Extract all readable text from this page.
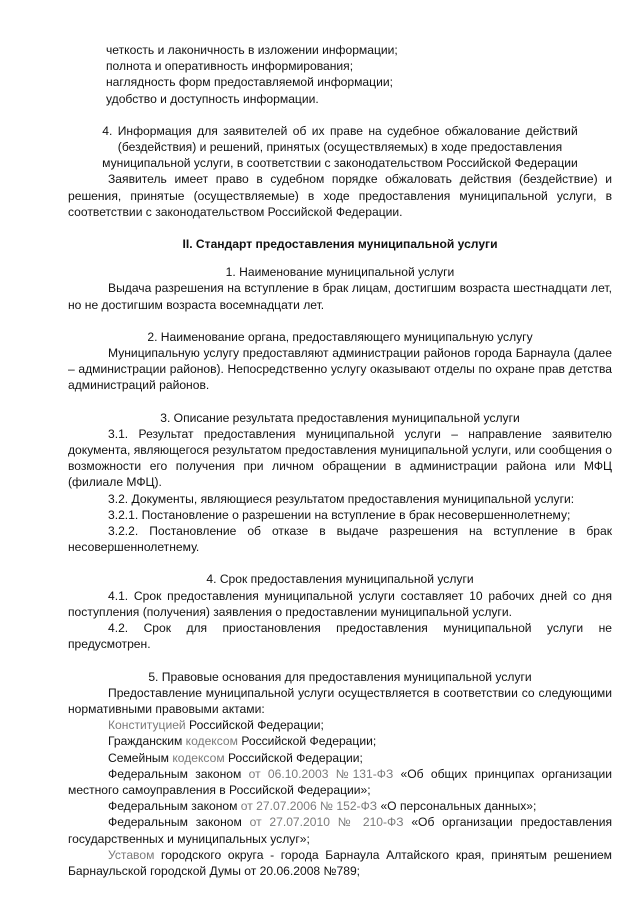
четкость и лаконичность в изложении информации;

полнота и оперативность информирования;

наглядность форм предоставляемой информации;

удобство и доступность информации.

4. Информация для заявителей об их праве на судебное обжалование действий

(бездействия) и решений, принятых (осуществляемых) в ходе предоставления

муниципальной услуги, в соответствии с законодательством Российской Федерации

Заявитель имеет право в судебном порядке обжаловать действия (бездействие) и решения, принятые (осуществляемые) в ходе предоставления муниципальной услуги, в соответствии с законодательством Российской Федерации.

II. Стандарт предоставления муниципальной услуги

1. Наименование муниципальной услуги

Выдача разрешения на вступление в брак лицам, достигшим возраста шестнадцати лет, но не достигшим возраста восемнадцати лет.

2. Наименование органа, предоставляющего муниципальную услугу

Муниципальную услугу предоставляют администрации районов города Барнаула (далее – администрации районов). Непосредственно услугу оказывают отделы по охране прав детства администраций районов.

3. Описание результата предоставления муниципальной услуги

3.1. Результат предоставления муниципальной услуги – направление заявителю документа, являющегося результатом предоставления муниципальной услуги, или сообщения о возможности его получения при личном обращении в администрации района или МФЦ (филиале МФЦ).

3.2. Документы, являющиеся результатом предоставления муниципальной услуги:

3.2.1. Постановление о разрешении на вступление в брак несовершеннолетнему;

3.2.2. Постановление об отказе в выдаче разрешения на вступление в брак несовершеннолетнему.

4. Срок предоставления муниципальной услуги

4.1. Срок предоставления муниципальной услуги составляет 10 рабочих дней со дня поступления (получения) заявления о предоставлении муниципальной услуги.

4.2. Срок для приостановления предоставления муниципальной услуги не предусмотрен.

5. Правовые основания для предоставления муниципальной услуги

Предоставление муниципальной услуги осуществляется в соответствии со следующими нормативными правовыми актами:

Конституцией Российской Федерации;

Гражданским кодексом Российской Федерации;

Семейным кодексом Российской Федерации;

Федеральным законом от 06.10.2003 №131-ФЗ «Об общих принципах организации местного самоуправления в Российской Федерации»;

Федеральным законом от 27.07.2006 № 152-ФЗ «О персональных данных»;

Федеральным законом от 27.07.2010 № 210-ФЗ «Об организации предоставления государственных и муниципальных услуг»;

Уставом городского округа - города Барнаула Алтайского края, принятым решением Барнаульской городской Думы от 20.06.2008 №789;
